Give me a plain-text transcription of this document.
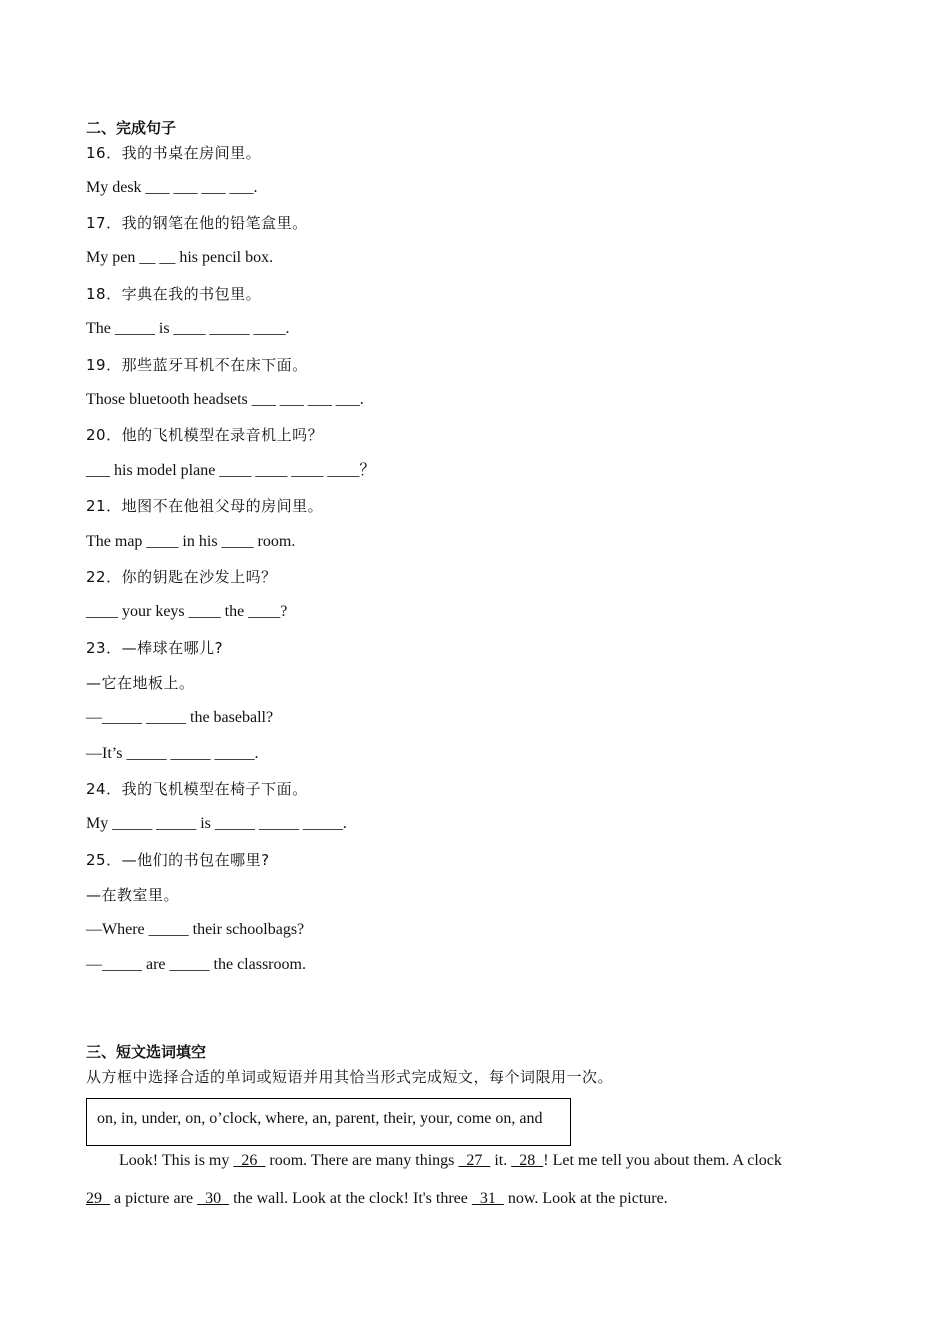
二、完成句子
16．我的书桌在房间里。
My desk ___ ___ ___ ___.
17．我的钢笔在他的铅笔盒里。
My pen __ __ his pencil box.
18．字典在我的书包里。
The _____ is ____ _____ ____.
19．那些蓝牙耳机不在床下面。
Those bluetooth headsets ___ ___ ___ ___.
20．他的飞机模型在录音机上吗？
___ his model plane ____ ____ ____ ____？
21．地图不在他祖父母的房间里。
The map ____ in his ____ room.
22．你的钥匙在沙发上吗？
____ your keys ____ the ____?
23．—棒球在哪儿?
—它在地板上。
—_____ _____ the baseball?
—It’s _____ _____ _____.
24．我的飞机模型在椅子下面。
My _____ _____ is _____ _____ _____.
25．—他们的书包在哪里?
—在教室里。
—Where _____ their schoolbags?
—_____ are _____ the classroom.
三、短文选词填空
从方框中选择合适的单词或短语并用其恰当形式完成短文，每个词限用一次。
on, in, under, on, o’clock, where, an, parent, their, your, come on, and
Look! This is my   26   room. There are many things   27   it.   28  ! Let me tell you about them. A clock
29   a picture are   30   the wall. Look at the clock! It's three   31   now. Look at the picture.
